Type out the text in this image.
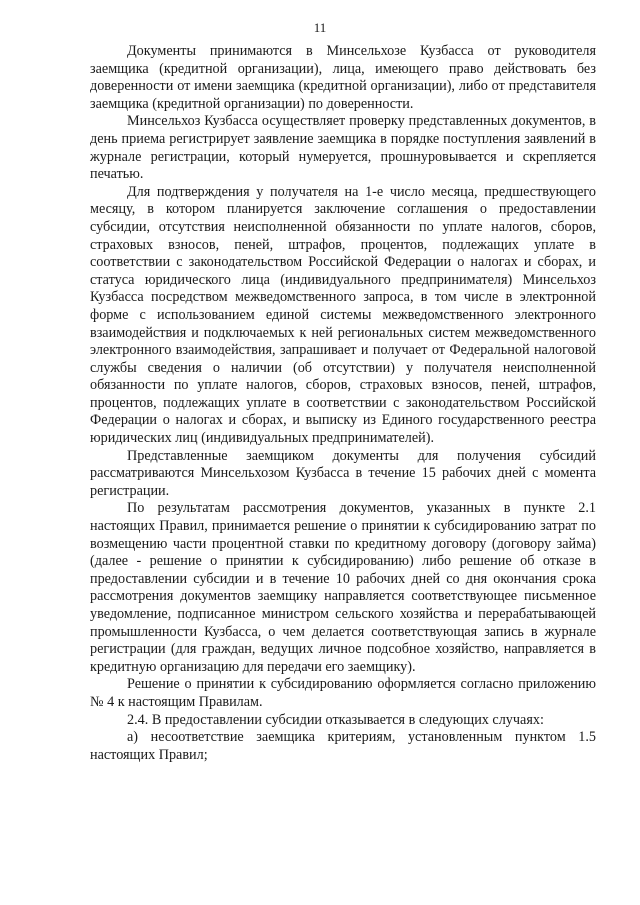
11

Документы принимаются в Минсельхозе Кузбасса от руководителя заемщика (кредитной организации), лица, имеющего право действовать без доверенности от имени заемщика (кредитной организации), либо от представителя заемщика (кредитной организации) по доверенности.

Минсельхоз Кузбасса осуществляет проверку представленных документов, в день приема регистрирует заявление заемщика в порядке поступления заявлений в журнале регистрации, который нумеруется, прошнуровывается и скрепляется печатью.

Для подтверждения у получателя на 1-е число месяца, предшествующего месяцу, в котором планируется заключение соглашения о предоставлении субсидии, отсутствия неисполненной обязанности по уплате налогов, сборов, страховых взносов, пеней, штрафов, процентов, подлежащих уплате в соответствии с законодательством Российской Федерации о налогах и сборах, и статуса юридического лица (индивидуального предпринимателя) Минсельхоз Кузбасса посредством межведомственного запроса, в том числе в электронной форме с использованием единой системы межведомственного электронного взаимодействия и подключаемых к ней региональных систем межведомственного электронного взаимодействия, запрашивает и получает от Федеральной налоговой службы сведения о наличии (об отсутствии) у получателя неисполненной обязанности по уплате налогов, сборов, страховых взносов, пеней, штрафов, процентов, подлежащих уплате в соответствии с законодательством Российской Федерации о налогах и сборах, и выписку из Единого государственного реестра юридических лиц (индивидуальных предпринимателей).

Представленные заемщиком документы для получения субсидий рассматриваются Минсельхозом Кузбасса в течение 15 рабочих дней с момента регистрации.

По результатам рассмотрения документов, указанных в пункте 2.1 настоящих Правил, принимается решение о принятии к субсидированию затрат по возмещению части процентной ставки по кредитному договору (договору займа) (далее - решение о принятии к субсидированию) либо решение об отказе в предоставлении субсидии и в течение 10 рабочих дней со дня окончания срока рассмотрения документов заемщику направляется соответствующее письменное уведомление, подписанное министром сельского хозяйства и перерабатывающей промышленности Кузбасса, о чем делается соответствующая запись в журнале регистрации (для граждан, ведущих личное подсобное хозяйство, направляется в кредитную организацию для передачи его заемщику).

Решение о принятии к субсидированию оформляется согласно приложению № 4 к настоящим Правилам.

2.4. В предоставлении субсидии отказывается в следующих случаях:

а) несоответствие заемщика критериям, установленным пунктом 1.5 настоящих Правил;
